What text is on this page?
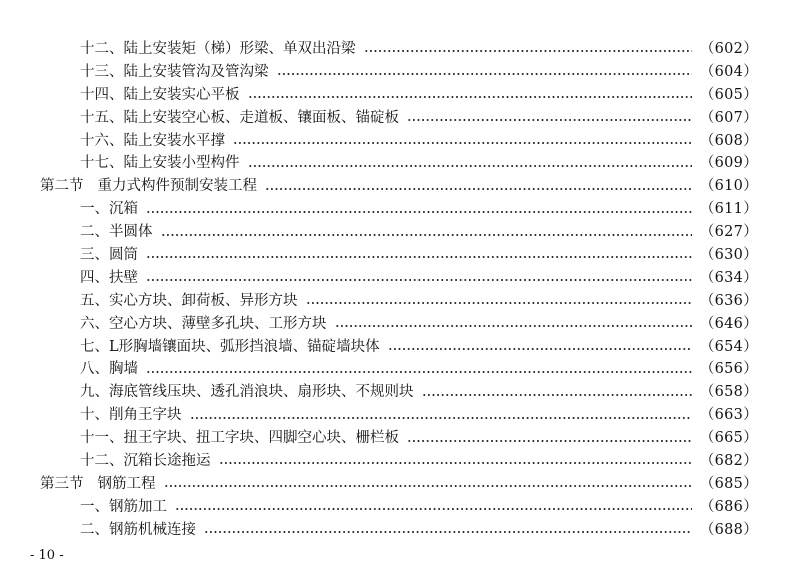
十二、陆上安装矩（梯）形梁、单双出沿梁	（602）
十三、陆上安装管沟及管沟梁	（604）
十四、陆上安装实心平板	（605）
十五、陆上安装空心板、走道板、镶面板、锚碇板	（607）
十六、陆上安装水平撑	（608）
十七、陆上安装小型构件	（609）
第二节 重力式构件预制安装工程	（610）
一、沉箱	（611）
二、半圆体	（627）
三、圆筒	（630）
四、扶壁	（634）
五、实心方块、卸荷板、异形方块	（636）
六、空心方块、薄壁多孔块、工形方块	（646）
七、L形胸墙镶面块、弧形挡浪墙、锚碇墙块体	（654）
八、胸墙	（656）
九、海底管线压块、透孔消浪块、扇形块、不规则块	（658）
十、削角王字块	（663）
十一、扭王字块、扭工字块、四脚空心块、栅栏板	（665）
十二、沉箱长途拖运	（682）
第三节 钢筋工程	（685）
一、钢筋加工	（686）
二、钢筋机械连接	（688）
- 10 -
